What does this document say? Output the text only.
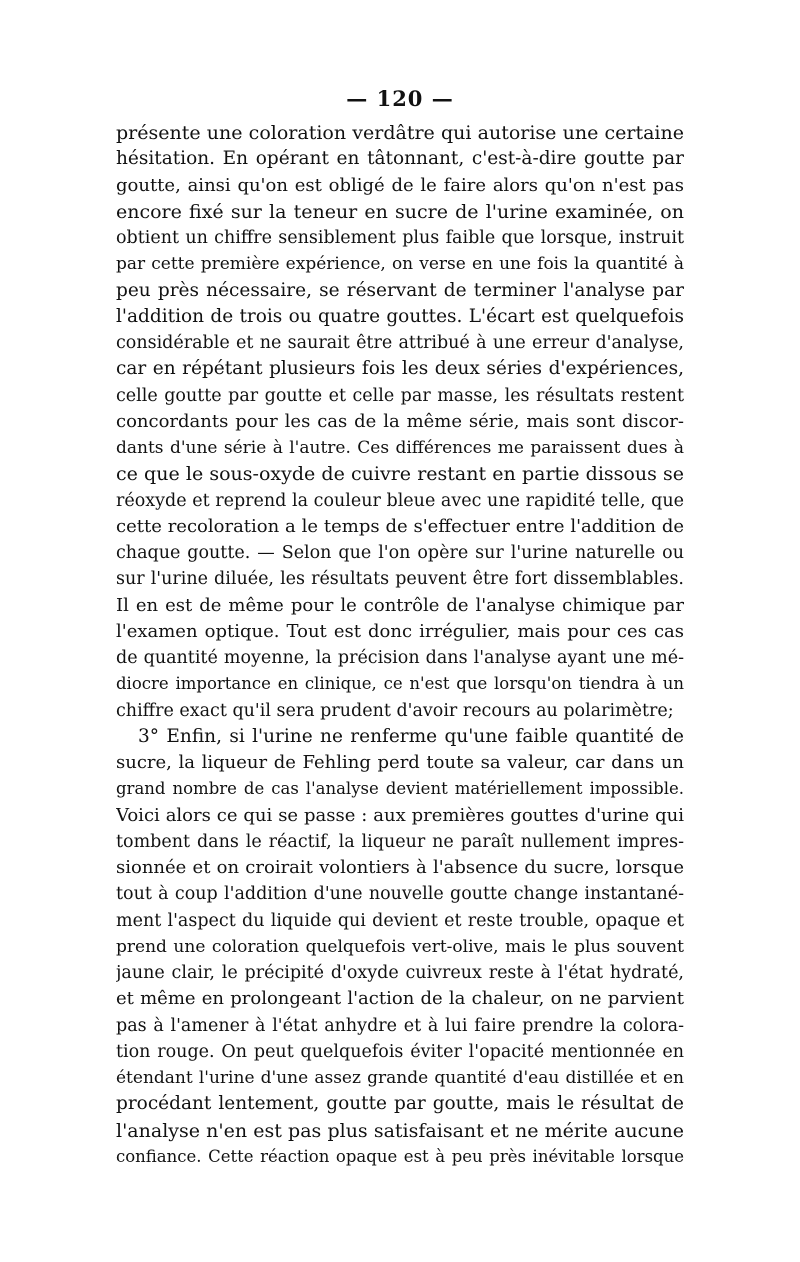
— 120 —
présente une coloration verdâtre qui autorise une certaine
hésitation. En opérant en tâtonnant, c'est-à-dire goutte par
goutte, ainsi qu'on est obligé de le faire alors qu'on n'est pas
encore fixé sur la teneur en sucre de l'urine examinée, on
obtient un chiffre sensiblement plus faible que lorsque, instruit
par cette première expérience, on verse en une fois la quantité à
peu près nécessaire, se réservant de terminer l'analyse par
l'addition de trois ou quatre gouttes. L'écart est quelquefois
considérable et ne saurait être attribué à une erreur d'analyse,
car en répétant plusieurs fois les deux séries d'expériences,
celle goutte par goutte et celle par masse, les résultats restent
concordants pour les cas de la même série, mais sont discor-
dants d'une série à l'autre. Ces différences me paraissent dues à
ce que le sous-oxyde de cuivre restant en partie dissous se
réoxyde et reprend la couleur bleue avec une rapidité telle, que
cette recoloration a le temps de s'effectuer entre l'addition de
chaque goutte. — Selon que l'on opère sur l'urine naturelle ou
sur l'urine diluée, les résultats peuvent être fort dissemblables.
Il en est de même pour le contrôle de l'analyse chimique par
l'examen optique. Tout est donc irrégulier, mais pour ces cas
de quantité moyenne, la précision dans l'analyse ayant une mé-
diocre importance en clinique, ce n'est que lorsqu'on tiendra à un
chiffre exact qu'il sera prudent d'avoir recours au polarimètre;
3° Enfin, si l'urine ne renferme qu'une faible quantité de
sucre, la liqueur de Fehling perd toute sa valeur, car dans un
grand nombre de cas l'analyse devient matériellement impossible.
Voici alors ce qui se passe : aux premières gouttes d'urine qui
tombent dans le réactif, la liqueur ne paraît nullement impres-
sionnée et on croirait volontiers à l'absence du sucre, lorsque
tout à coup l'addition d'une nouvelle goutte change instantané-
ment l'aspect du liquide qui devient et reste trouble, opaque et
prend une coloration quelquefois vert-olive, mais le plus souvent
jaune clair, le précipité d'oxyde cuivreux reste à l'état hydraté,
et même en prolongeant l'action de la chaleur, on ne parvient
pas à l'amener à l'état anhydre et à lui faire prendre la colora-
tion rouge. On peut quelquefois éviter l'opacité mentionnée en
étendant l'urine d'une assez grande quantité d'eau distillée et en
procédant lentement, goutte par goutte, mais le résultat de
l'analyse n'en est pas plus satisfaisant et ne mérite aucune
confiance. Cette réaction opaque est à peu près inévitable lorsque
